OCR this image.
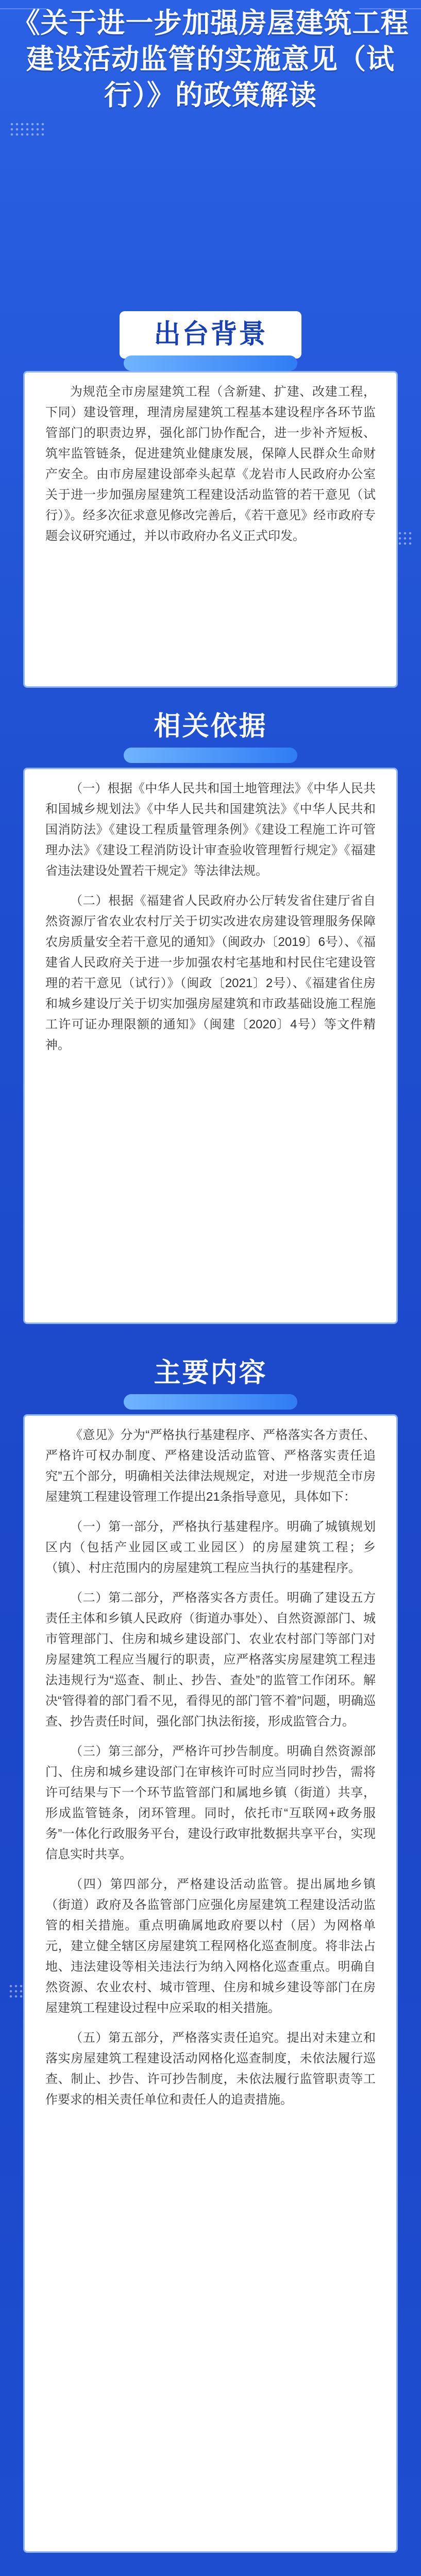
《关于进一步加强房屋建筑工程建设活动监管的实施意见（试行）》的政策解读
出台背景

为规范全市房屋建筑工程（含新建、扩建、改建工程，下同）建设管理，理清房屋建筑工程基本建设程序各环节监管部门的职责边界，强化部门协作配合，进一步补齐短板、筑牢监管链条，促进建筑业健康发展，保障人民群众生命财产安全。由市房屋建设部牵头起草《龙岩市人民政府办公室关于进一步加强房屋建筑工程建设活动监管的若干意见（试行）》。经多次征求意见修改完善后，《若干意见》经市政府专题会议研究通过，并以市政府办名义正式印发。

相关依据

（一）根据《中华人民共和国土地管理法》《中华人民共和国城乡规划法》《中华人民共和国建筑法》《中华人民共和国消防法》《建设工程质量管理条例》《建设工程施工许可管理办法》《建设工程消防设计审查验收管理暂行规定》《福建省违法建设处置若干规定》等法律法规。

（二）根据《福建省人民政府办公厅转发省住建厅省自然资源厅省农业农村厅关于切实改进农房建设管理服务保障农房质量安全若干意见的通知》（闽政办〔2019〕6号）、《福建省人民政府关于进一步加强农村宅基地和村民住宅建设管理的若干意见（试行）》（闽政〔2021〕2号）、《福建省住房和城乡建设厅关于切实加强房屋建筑和市政基础设施工程施工许可证办理限额的通知》（闽建〔2020〕4号）等文件精神。

主要内容

《意见》分为“严格执行基建程序、严格落实各方责任、严格许可权办制度、严格建设活动监管、严格落实责任追究”五个部分，明确相关法律法规规定，对进一步规范全市房屋建筑工程建设管理工作提出21条指导意见，具体如下：

（一）第一部分，严格执行基建程序。明确了城镇规划区内（包括产业园区或工业园区）的房屋建筑工程；乡（镇）、村庄范围内的房屋建筑工程应当执行的基建程序。

（二）第二部分，严格落实各方责任。明确了建设五方责任主体和乡镇人民政府（街道办事处）、自然资源部门、城市管理部门、住房和城乡建设部门、农业农村部门等部门对房屋建筑工程应当履行的职责，应严格落实房屋建筑工程违法违规行为“巡查、制止、抄告、查处”的监管工作闭环。解决“管得着的部门看不见，看得见的部门管不着”问题，明确巡查、抄告责任时间，强化部门执法衔接，形成监管合力。

（三）第三部分，严格许可抄告制度。明确自然资源部门、住房和城乡建设部门在审核许可时应当同时抄告，需将许可结果与下一个环节监管部门和属地乡镇（街道）共享，形成监管链条，闭环管理。同时，依托市“互联网+政务服务”一体化行政服务平台，建设行政审批数据共享平台，实现信息实时共享。

（四）第四部分，严格建设活动监管。提出属地乡镇（街道）政府及各监管部门应强化房屋建筑工程建设活动监管的相关措施。重点明确属地政府要以村（居）为网格单元，建立健全辖区房屋建筑工程网格化巡查制度。将非法占地、违法建设等相关违法行为纳入网格化巡查重点。明确自然资源、农业农村、城市管理、住房和城乡建设等部门在房屋建筑工程建设过程中应采取的相关措施。

（五）第五部分，严格落实责任追究。提出对未建立和落实房屋建筑工程建设活动网格化巡查制度，未依法履行巡查、制止、抄告、许可抄告制度，未依法履行监管职责等工作要求的相关责任单位和责任人的追责措施。
